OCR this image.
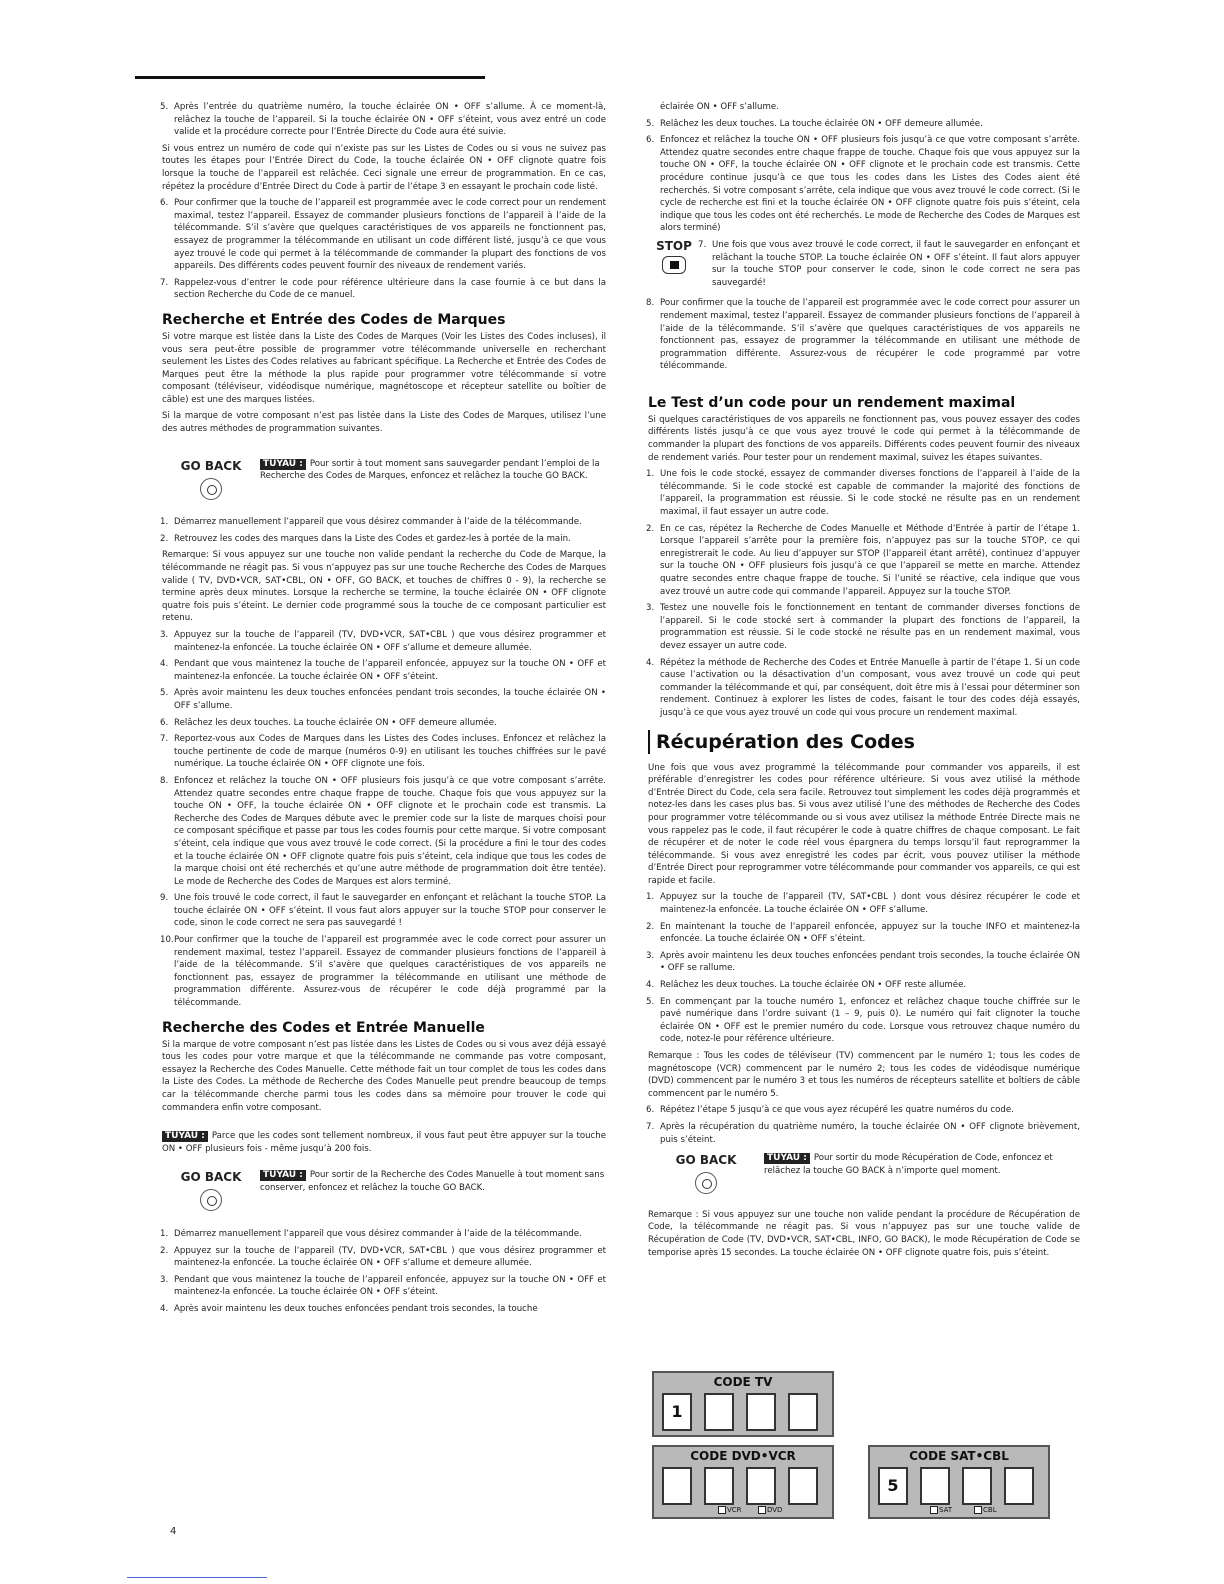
5. Après l’entrée du quatrième numéro, la touche éclairée ON • OFF s’allume. À ce moment-là, relâchez la touche de l’appareil. Si la touche éclairée ON • OFF s’éteint, vous avez entré un code valide et la procédure correcte pour l’Entrée Directe du Code aura été suivie.

Si vous entrez un numéro de code qui n’existe pas sur les Listes de Codes ou si vous ne suivez pas toutes les étapes pour l’Entrée Direct du Code, la touche éclairée ON • OFF clignote quatre fois lorsque la touche de l’appareil est relâchée. Ceci signale une erreur de programmation. En ce cas, répétez la procédure d’Entrée Direct du Code à partir de l’étape 3 en essayant le prochain code listé.

6. Pour confirmer que la touche de l’appareil est programmée avec le code correct pour un rendement maximal, testez l’appareil. Essayez de commander plusieurs fonctions de l’appareil à l’aide de la télécommande. S’il s’avère que quelques caractéristiques de vos appareils ne fonctionnent pas, essayez de programmer la télécommande en utilisant un code différent listé, jusqu’à ce que vous ayez trouvé le code qui permet à la télécommande de commander la plupart des fonctions de vos appareils. Des différents codes peuvent fournir des niveaux de rendement variés.
7. Rappelez-vous d’entrer le code pour référence ultérieure dans la case fournie à ce but dans la section Recherche du Code de ce manuel.
Recherche et Entrée des Codes de Marques

Si votre marque est listée dans la Liste des Codes de Marques (Voir les Listes des Codes incluses), il vous sera peut-être possible de programmer votre télécommande universelle en recherchant seulement les Listes des Codes relatives au fabricant spécifique. La Recherche et Entrée des Codes de Marques peut être la méthode la plus rapide pour programmer votre télécommande si votre composant (téléviseur, vidéodisque numérique, magnétoscope et récepteur satellite ou boîtier de câble) est une des marques listées.

Si la marque de votre composant n’est pas listée dans la Liste des Codes de Marques, utilisez l’une des autres méthodes de programmation suivantes.

GO BACK	TUYAU : Pour sortir à tout moment sans sauvegarder pendant l’emploi de la Recherche des Codes de Marques, enfoncez et relâchez la touche GO BACK.
1. Démarrez manuellement l’appareil que vous désirez commander à l’aide de la télécommande.
2. Retrouvez les codes des marques dans la Liste des Codes et gardez-les à portée de la main.

Remarque: Si vous appuyez sur une touche non valide pendant la recherche du Code de Marque, la télécommande ne réagit pas. Si vous n’appuyez pas sur une touche Recherche des Codes de Marques valide ( TV, DVD•VCR, SAT•CBL, ON • OFF, GO BACK, et touches de chiffres 0 - 9), la recherche se termine après deux minutes. Lorsque la recherche se termine, la touche éclairée ON • OFF clignote quatre fois puis s’éteint. Le dernier code programmé sous la touche de ce composant particulier est retenu.

3. Appuyez sur la touche de l’appareil (TV, DVD•VCR, SAT•CBL ) que vous désirez programmer et maintenez-la enfoncée. La touche éclairée ON • OFF s’allume et demeure allumée.
4. Pendant que vous maintenez la touche de l’appareil enfoncée, appuyez sur la touche ON • OFF et maintenez-la enfoncée. La touche éclairée ON • OFF s’éteint.
5. Après avoir maintenu les deux touches enfoncées pendant trois secondes, la touche éclairée ON • OFF s’allume.
6. Relâchez les deux touches. La touche éclairée ON • OFF demeure allumée.
7. Reportez-vous aux Codes de Marques dans les Listes des Codes incluses. Enfoncez et relâchez la touche pertinente de code de marque (numéros 0-9) en utilisant les touches chiffrées sur le pavé numérique. La touche éclairée ON • OFF clignote une fois.
8. Enfoncez et relâchez la touche ON • OFF plusieurs fois jusqu’à ce que votre composant s’arrête. Attendez quatre secondes entre chaque frappe de touche. Chaque fois que vous appuyez sur la touche ON • OFF, la touche éclairée ON • OFF clignote et le prochain code est transmis. La Recherche des Codes de Marques débute avec le premier code sur la liste de marques choisi pour ce composant spécifique et passe par tous les codes fournis pour cette marque. Si votre composant s’éteint, cela indique que vous avez trouvé le code correct. (Si la procédure a fini le tour des codes et la touche éclairée ON • OFF clignote quatre fois puis s’éteint, cela indique que tous les codes de la marque choisi ont été recherchés et qu’une autre méthode de programmation doit être tentée). Le mode de Recherche des Codes de Marques est alors terminé.
9. Une fois trouvé le code correct, il faut le sauvegarder en enfonçant et relâchant la touche STOP. La touche éclairée ON • OFF s’éteint. Il vous faut alors appuyer sur la touche STOP pour conserver le code, sinon le code correct ne sera pas sauvegardé !
10. Pour confirmer que la touche de l’appareil est programmée avec le code correct pour assurer un rendement maximal, testez l’appareil. Essayez de commander plusieurs fonctions de l’appareil à l’aide de la télécommande. S’il s’avère que quelques caractéristiques de vos appareils ne fonctionnent pas, essayez de programmer la télécommande en utilisant une méthode de programmation différente. Assurez-vous de récupérer le code déjà programmé par la télécommande.
Recherche des Codes et Entrée Manuelle

Si la marque de votre composant n’est pas listée dans les Listes de Codes ou si vous avez déjà essayé tous les codes pour votre marque et que la télécommande ne commande pas votre composant, essayez la Recherche des Codes Manuelle. Cette méthode fait un tour complet de tous les codes dans la Liste des Codes. La méthode de Recherche des Codes Manuelle peut prendre beaucoup de temps car la télécommande cherche parmi tous les codes dans sa mémoire pour trouver le code qui commandera enfin votre composant.

TUYAU : Parce que les codes sont tellement nombreux, il vous faut peut être appuyer sur la touche ON • OFF plusieurs fois - même jusqu’à 200 fois.

GO BACK	TUYAU : Pour sortir de la Recherche des Codes Manuelle à tout moment sans conserver, enfoncez et relâchez la touche GO BACK.
1. Démarrez manuellement l’appareil que vous désirez commander à l’aide de la télécommande.
2. Appuyez sur la touche de l’appareil (TV, DVD•VCR, SAT•CBL ) que vous désirez programmer et maintenez-la enfoncée. La touche éclairée ON • OFF s’allume et demeure allumée.
3. Pendant que vous maintenez la touche de l’appareil enfoncée, appuyez sur la touche ON • OFF et maintenez-la enfoncée. La touche éclairée ON • OFF s’éteint.
4. Après avoir maintenu les deux touches enfoncées pendant trois secondes, la touche

éclairée ON • OFF s’allume.

5. Relâchez les deux touches. La touche éclairée ON • OFF demeure allumée.
6. Enfoncez et relâchez la touche ON • OFF plusieurs fois jusqu’à ce que votre composant s’arrête. Attendez quatre secondes entre chaque frappe de touche. Chaque fois que vous appuyez sur la touche ON • OFF, la touche éclairée ON • OFF clignote et le prochain code est transmis. Cette procédure continue jusqu’à ce que tous les codes dans les Listes des Codes aient été recherchés. Si votre composant s’arrête, cela indique que vous avez trouvé le code correct. (Si le cycle de recherche est fini et la touche éclairée ON • OFF clignote quatre fois puis s’éteint, cela indique que tous les codes ont été recherchés. Le mode de Recherche des Codes de Marques est alors terminé)
STOP 7. Une fois que vous avez trouvé le code correct, il faut le sauvegarder en enfonçant et relâchant la touche STOP. La touche éclairée ON • OFF s’éteint. Il faut alors appuyer sur la touche STOP pour conserver le code, sinon le code correct ne sera pas sauvegardé!
8. Pour confirmer que la touche de l’appareil est programmée avec le code correct pour assurer un rendement maximal, testez l’appareil. Essayez de commander plusieurs fonctions de l’appareil à l’aide de la télécommande. S’il s’avère que quelques caractéristiques de vos appareils ne fonctionnent pas, essayez de programmer la télécommande en utilisant une méthode de programmation différente. Assurez-vous de récupérer le code programmé par votre télécommande.
Le Test d’un code pour un rendement maximal

Si quelques caractéristiques de vos appareils ne fonctionnent pas, vous pouvez essayer des codes différents listés jusqu’à ce que vous ayez trouvé le code qui permet à la télécommande de commander la plupart des fonctions de vos appareils. Différents codes peuvent fournir des niveaux de rendement variés. Pour tester pour un rendement maximal, suivez les étapes suivantes.

1. Une fois le code stocké, essayez de commander diverses fonctions de l’appareil à l’aide de la télécommande. Si le code stocké est capable de commander la majorité des fonctions de l’appareil, la programmation est réussie. Si le code stocké ne résulte pas en un rendement maximal, il faut essayer un autre code.
2. En ce cas, répétez la Recherche de Codes Manuelle et Méthode d’Entrée à partir de l’étape 1. Lorsque l’appareil s’arrête pour la première fois, n’appuyez pas sur la touche STOP, ce qui enregistrerait le code. Au lieu d’appuyer sur STOP (l’appareil étant arrêté), continuez d’appuyer sur la touche ON • OFF plusieurs fois jusqu’à ce que l’appareil se mette en marche. Attendez quatre secondes entre chaque frappe de touche. Si l’unité se réactive, cela indique que vous avez trouvé un autre code qui commande l’appareil. Appuyez sur la touche STOP.
3. Testez une nouvelle fois le fonctionnement en tentant de commander diverses fonctions de l’appareil. Si le code stocké sert à commander la plupart des fonctions de l’appareil, la programmation est réussie. Si le code stocké ne résulte pas en un rendement maximal, vous devez essayer un autre code.
4. Répétez la méthode de Recherche des Codes et Entrée Manuelle à partir de l’étape 1. Si un code cause l’activation ou la désactivation d’un composant, vous avez trouvé un code qui peut commander la télécommande et qui, par conséquent, doit être mis à l’essai pour déterminer son rendement. Continuez à explorer les listes de codes, faisant le tour des codes déjà essayés, jusqu’à ce que vous ayez trouvé un code qui vous procure un rendement maximal.
Récupération des Codes

Une fois que vous avez programmé la télécommande pour commander vos appareils, il est préférable d’enregistrer les codes pour référence ultérieure. Si vous avez utilisé la méthode d’Entrée Direct du Code, cela sera facile. Retrouvez tout simplement les codes déjà programmés et notez-les dans les cases plus bas. Si vous avez utilisé l’une des méthodes de Recherche des Codes pour programmer votre télécommande ou si vous avez utilisez la méthode Entrée Directe mais ne vous rappelez pas le code, il faut récupérer le code à quatre chiffres de chaque composant. Le fait de récupérer et de noter le code réel vous épargnera du temps lorsqu’il faut reprogrammer la télécommande. Si vous avez enregistré les codes par écrit, vous pouvez utiliser la méthode d’Entrée Direct pour reprogrammer votre télécommande pour commander vos appareils, ce qui est rapide et facile.

1. Appuyez sur la touche de l’appareil (TV, SAT•CBL ) dont vous désirez récupérer le code et maintenez-la enfoncée. La touche éclairée ON • OFF s’allume.
2. En maintenant la touche de l’appareil enfoncée, appuyez sur la touche INFO et maintenez-la enfoncée. La touche éclairée ON • OFF s’éteint.
3. Après avoir maintenu les deux touches enfoncées pendant trois secondes, la touche éclairée ON • OFF se rallume.
4. Relâchez les deux touches. La touche éclairée ON • OFF reste allumée.
5. En commençant par la touche numéro 1, enfoncez et relâchez chaque touche chiffrée sur le pavé numérique dans l’ordre suivant (1 – 9, puis 0). Le numéro qui fait clignoter la touche éclairée ON • OFF est le premier numéro du code. Lorsque vous retrouvez chaque numéro du code, notez-le pour référence ultérieure.

Remarque : Tous les codes de téléviseur (TV) commencent par le numéro 1; tous les codes de magnétoscope (VCR) commencent par le numéro 2; tous les codes de vidéodisque numérique (DVD) commencent par le numéro 3 et tous les numéros de récepteurs satellite et boîtiers de câble commencent par le numéro 5.

6. Répétez l’étape 5 jusqu’à ce que vous ayez récupéré les quatre numéros du code.
7. Après la récupération du quatrième numéro, la touche éclairée ON • OFF clignote brièvement, puis s’éteint.
GO BACK	TUYAU : Pour sortir du mode Récupération de Code, enfoncez et relâchez la touche GO BACK à n’importe quel moment.

Remarque : Si vous appuyez sur une touche non valide pendant la procédure de Récupération de Code, la télécommande ne réagit pas. Si vous n’appuyez pas sur une touche valide de Récupération de Code (TV, DVD•VCR, SAT•CBL, INFO, GO BACK), le mode Récupération de Code se temporise après 15 secondes. La touche éclairée ON • OFF clignote quatre fois, puis s’éteint.

CODE TV
1
CODE DVD•VCR
VCR	DVD
CODE SAT•CBL
5
SAT	CBL
4
